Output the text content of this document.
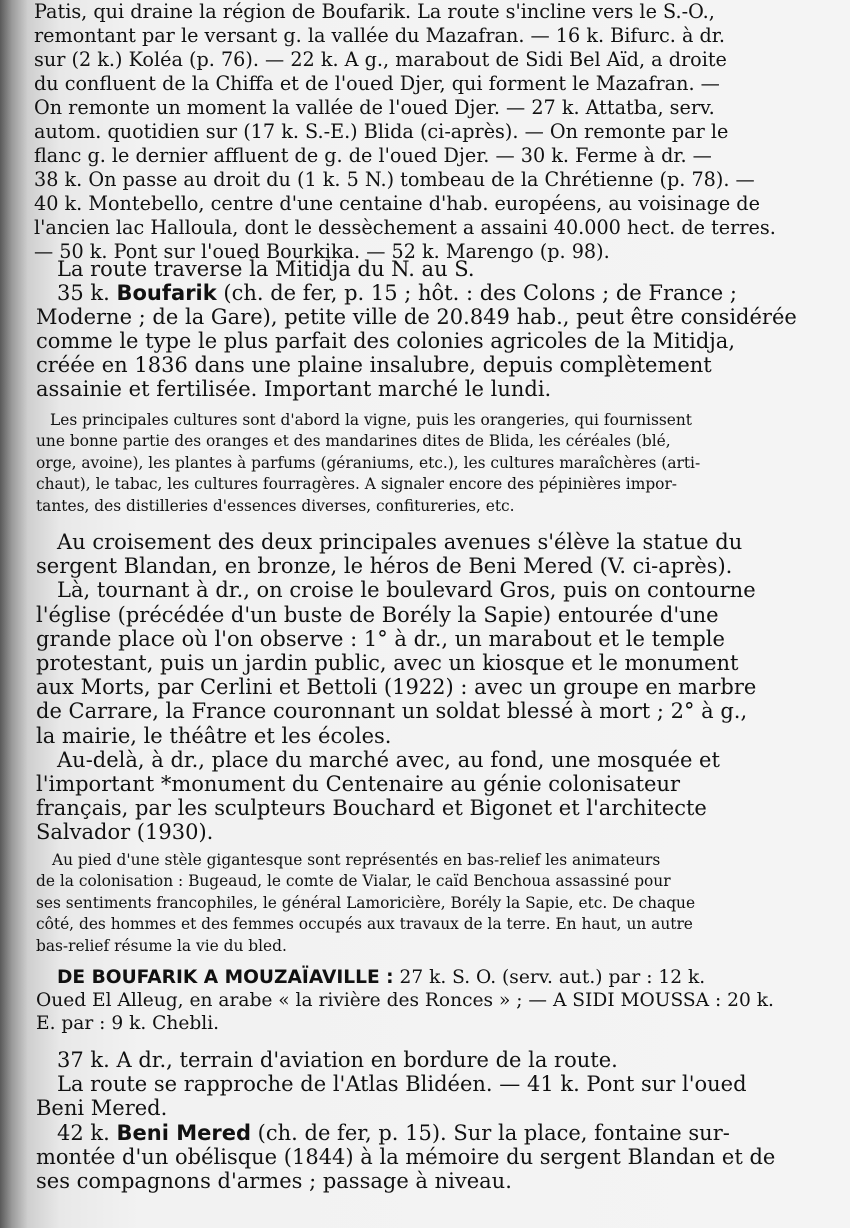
Patis, qui draine la région de Boufarik. La route s'incline vers le S.-O.,
remontant par le versant g. la vallée du Mazafran. — 16 k. Bifurc. à dr.
sur (2 k.) Koléa (p. 76). — 22 k. A g., marabout de Sidi Bel Aïd, a droite
du confluent de la Chiffa et de l'oued Djer, qui forment le Mazafran. —
On remonte un moment la vallée de l'oued Djer. — 27 k. Attatba, serv.
autom. quotidien sur (17 k. S.-E.) Blida (ci-après). — On remonte par le
flanc g. le dernier affluent de g. de l'oued Djer. — 30 k. Ferme à dr. —
38 k. On passe au droit du (1 k. 5 N.) tombeau de la Chrétienne (p. 78). —
40 k. Montebello, centre d'une centaine d'hab. européens, au voisinage de
l'ancien lac Halloula, dont le dessèchement a assaini 40.000 hect. de terres.
— 50 k. Pont sur l'oued Bourkika. — 52 k. Marengo (p. 98).
La route traverse la Mitidja du N. au S.
35 k. Boufarik (ch. de fer, p. 15 ; hôt. : des Colons ; de France ;
Moderne ; de la Gare), petite ville de 20.849 hab., peut être considérée
comme le type le plus parfait des colonies agricoles de la Mitidja,
créée en 1836 dans une plaine insalubre, depuis complètement
assainie et fertilisée. Important marché le lundi.
Les principales cultures sont d'abord la vigne, puis les orangeries, qui fournissent
une bonne partie des oranges et des mandarines dites de Blida, les céréales (blé,
orge, avoine), les plantes à parfums (géraniums, etc.), les cultures maraîchères (arti-
chaut), le tabac, les cultures fourragères. A signaler encore des pépinières impor-
tantes, des distilleries d'essences diverses, confitureries, etc.
Au croisement des deux principales avenues s'élève la statue du
sergent Blandan, en bronze, le héros de Beni Mered (V. ci-après).
Là, tournant à dr., on croise le boulevard Gros, puis on contourne
l'église (précédée d'un buste de Borély la Sapie) entourée d'une
grande place où l'on observe : 1° à dr., un marabout et le temple
protestant, puis un jardin public, avec un kiosque et le monument
aux Morts, par Cerlini et Bettoli (1922) : avec un groupe en marbre
de Carrare, la France couronnant un soldat blessé à mort ; 2° à g.,
la mairie, le théâtre et les écoles.
Au-delà, à dr., place du marché avec, au fond, une mosquée et
l'important *monument du Centenaire au génie colonisateur
français, par les sculpteurs Bouchard et Bigonet et l'architecte
Salvador (1930).
Au pied d'une stèle gigantesque sont représentés en bas-relief les animateurs
de la colonisation : Bugeaud, le comte de Vialar, le caïd Benchoua assassiné pour
ses sentiments francophiles, le général Lamoricière, Borély la Sapie, etc. De chaque
côté, des hommes et des femmes occupés aux travaux de la terre. En haut, un autre
bas-relief résume la vie du bled.
DE BOUFARIK A MOUZAÏAVILLE : 27 k. S. O. (serv. aut.) par : 12 k.
Oued El Alleug, en arabe « la rivière des Ronces » ; — A SIDI MOUSSA : 20 k.
E. par : 9 k. Chebli.
37 k. A dr., terrain d'aviation en bordure de la route.
La route se rapproche de l'Atlas Blidéen. — 41 k. Pont sur l'oued
Beni Mered.
42 k. Beni Mered (ch. de fer, p. 15). Sur la place, fontaine sur-
montée d'un obélisque (1844) à la mémoire du sergent Blandan et de
ses compagnons d'armes ; passage à niveau.
